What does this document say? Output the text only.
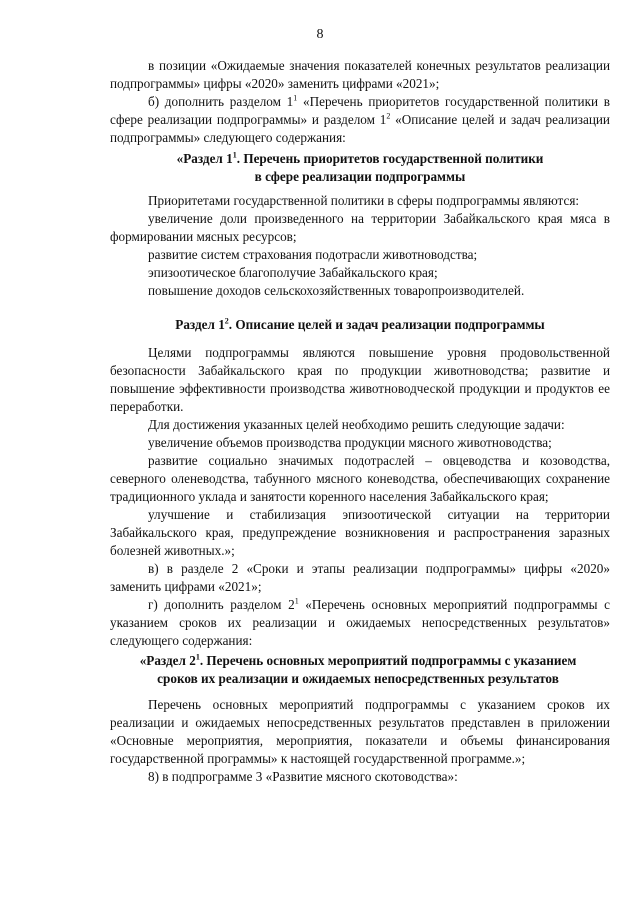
8

в позиции «Ожидаемые значения показателей конечных результатов реализации подпрограммы» цифры «2020» заменить цифрами «2021»;

б) дополнить разделом $1^1$ «Перечень приоритетов государственной политики в сфере реализации подпрограммы» и разделом $1^2$ «Описание целей и задач реализации подпрограммы» следующего содержания:

«Раздел $1^1$. Перечень приоритетов государственной политики
в сфере реализации подпрограммы

Приоритетами государственной политики в сферы подпрограммы являются:

увеличение доли произведенного на территории Забайкальского края мяса в формировании мясных ресурсов;

развитие систем страхования подотрасли животноводства;

эпизоотическое благополучие Забайкальского края;

повышение доходов сельскохозяйственных товаропроизводителей.

Раздел $1^2$. Описание целей и задач реализации подпрограммы

Целями подпрограммы являются повышение уровня продовольственной безопасности Забайкальского края по продукции животноводства; развитие и повышение эффективности производства животноводческой продукции и продуктов ее переработки.

Для достижения указанных целей необходимо решить следующие задачи:

увеличение объемов производства продукции мясного животноводства;

развитие социально значимых подотраслей – овцеводства и козоводства, северного оленеводства, табунного мясного коневодства, обеспечивающих сохранение традиционного уклада и занятости коренного населения Забайкальского края;

улучшение и стабилизация эпизоотической ситуации на территории Забайкальского края, предупреждение возникновения и распространения заразных болезней животных.»;

в) в разделе 2 «Сроки и этапы реализации подпрограммы» цифры «2020» заменить цифрами «2021»;

г) дополнить разделом $2^1$ «Перечень основных мероприятий подпрограммы с указанием сроков их реализации и ожидаемых непосредственных результатов» следующего содержания:

«Раздел $2^1$. Перечень основных мероприятий подпрограммы с указанием
сроков их реализации и ожидаемых непосредственных результатов

Перечень основных мероприятий подпрограммы с указанием сроков их реализации и ожидаемых непосредственных результатов представлен в приложении «Основные мероприятия, мероприятия, показатели и объемы финансирования государственной программы» к настоящей государственной программе.»;

8) в подпрограмме 3 «Развитие мясного скотоводства»:
